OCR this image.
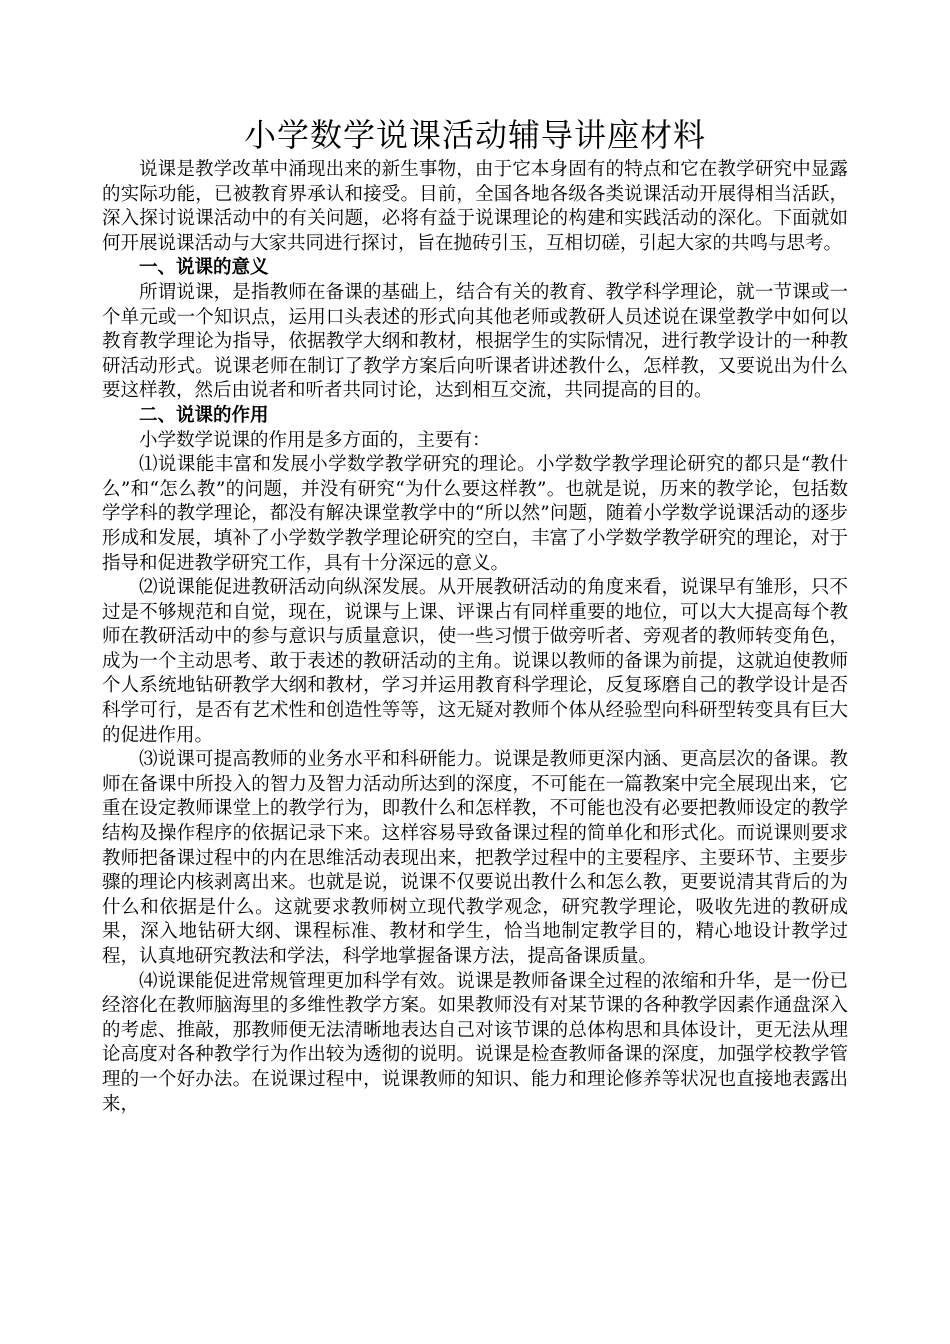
小学数学说课活动辅导讲座材料

说课是教学改革中涌现出来的新生事物，由于它本身固有的特点和它在教学研究中显露的实际功能，已被教育界承认和接受。目前，全国各地各级各类说课活动开展得相当活跃，深入探讨说课活动中的有关问题，必将有益于说课理论的构建和实践活动的深化。下面就如何开展说课活动与大家共同进行探讨，旨在抛砖引玉，互相切磋，引起大家的共鸣与思考。

一、说课的意义

所谓说课，是指教师在备课的基础上，结合有关的教育、教学科学理论，就一节课或一个单元或一个知识点，运用口头表述的形式向其他老师或教研人员述说在课堂教学中如何以教育教学理论为指导，依据教学大纲和教材，根据学生的实际情况，进行教学设计的一种教研活动形式。说课老师在制订了教学方案后向听课者讲述教什么，怎样教，又要说出为什么要这样教，然后由说者和听者共同讨论，达到相互交流，共同提高的目的。

二、说课的作用

小学数学说课的作用是多方面的，主要有：

⑴说课能丰富和发展小学数学教学研究的理论。小学数学教学理论研究的都只是“教什么”和“怎么教”的问题，并没有研究“为什么要这样教”。也就是说，历来的教学论，包括数学学科的教学理论，都没有解决课堂教学中的“所以然”问题，随着小学数学说课活动的逐步形成和发展，填补了小学数学教学理论研究的空白，丰富了小学数学教学研究的理论，对于指导和促进教学研究工作，具有十分深远的意义。

⑵说课能促进教研活动向纵深发展。从开展教研活动的角度来看，说课早有雏形，只不过是不够规范和自觉，现在，说课与上课、评课占有同样重要的地位，可以大大提高每个教师在教研活动中的参与意识与质量意识，使一些习惯于做旁听者、旁观者的教师转变角色，成为一个主动思考、敢于表述的教研活动的主角。说课以教师的备课为前提，这就迫使教师个人系统地钻研教学大纲和教材，学习并运用教育科学理论，反复琢磨自己的教学设计是否科学可行，是否有艺术性和创造性等等，这无疑对教师个体从经验型向科研型转变具有巨大的促进作用。

⑶说课可提高教师的业务水平和科研能力。说课是教师更深内涵、更高层次的备课。教师在备课中所投入的智力及智力活动所达到的深度，不可能在一篇教案中完全展现出来，它重在设定教师课堂上的教学行为，即教什么和怎样教，不可能也没有必要把教师设定的教学结构及操作程序的依据记录下来。这样容易导致备课过程的简单化和形式化。而说课则要求教师把备课过程中的内在思维活动表现出来，把教学过程中的主要程序、主要环节、主要步骤的理论内核剥离出来。也就是说，说课不仅要说出教什么和怎么教，更要说清其背后的为什么和依据是什么。这就要求教师树立现代教学观念，研究教学理论，吸收先进的教研成果，深入地钻研大纲、课程标准、教材和学生，恰当地制定教学目的，精心地设计教学过程，认真地研究教法和学法，科学地掌握备课方法，提高备课质量。

⑷说课能促进常规管理更加科学有效。说课是教师备课全过程的浓缩和升华，是一份已经溶化在教师脑海里的多维性教学方案。如果教师没有对某节课的各种教学因素作通盘深入的考虑、推敲，那教师便无法清晰地表达自己对该节课的总体构思和具体设计，更无法从理论高度对各种教学行为作出较为透彻的说明。说课是检查教师备课的深度，加强学校教学管理的一个好办法。在说课过程中，说课教师的知识、能力和理论修养等状况也直接地表露出来，
